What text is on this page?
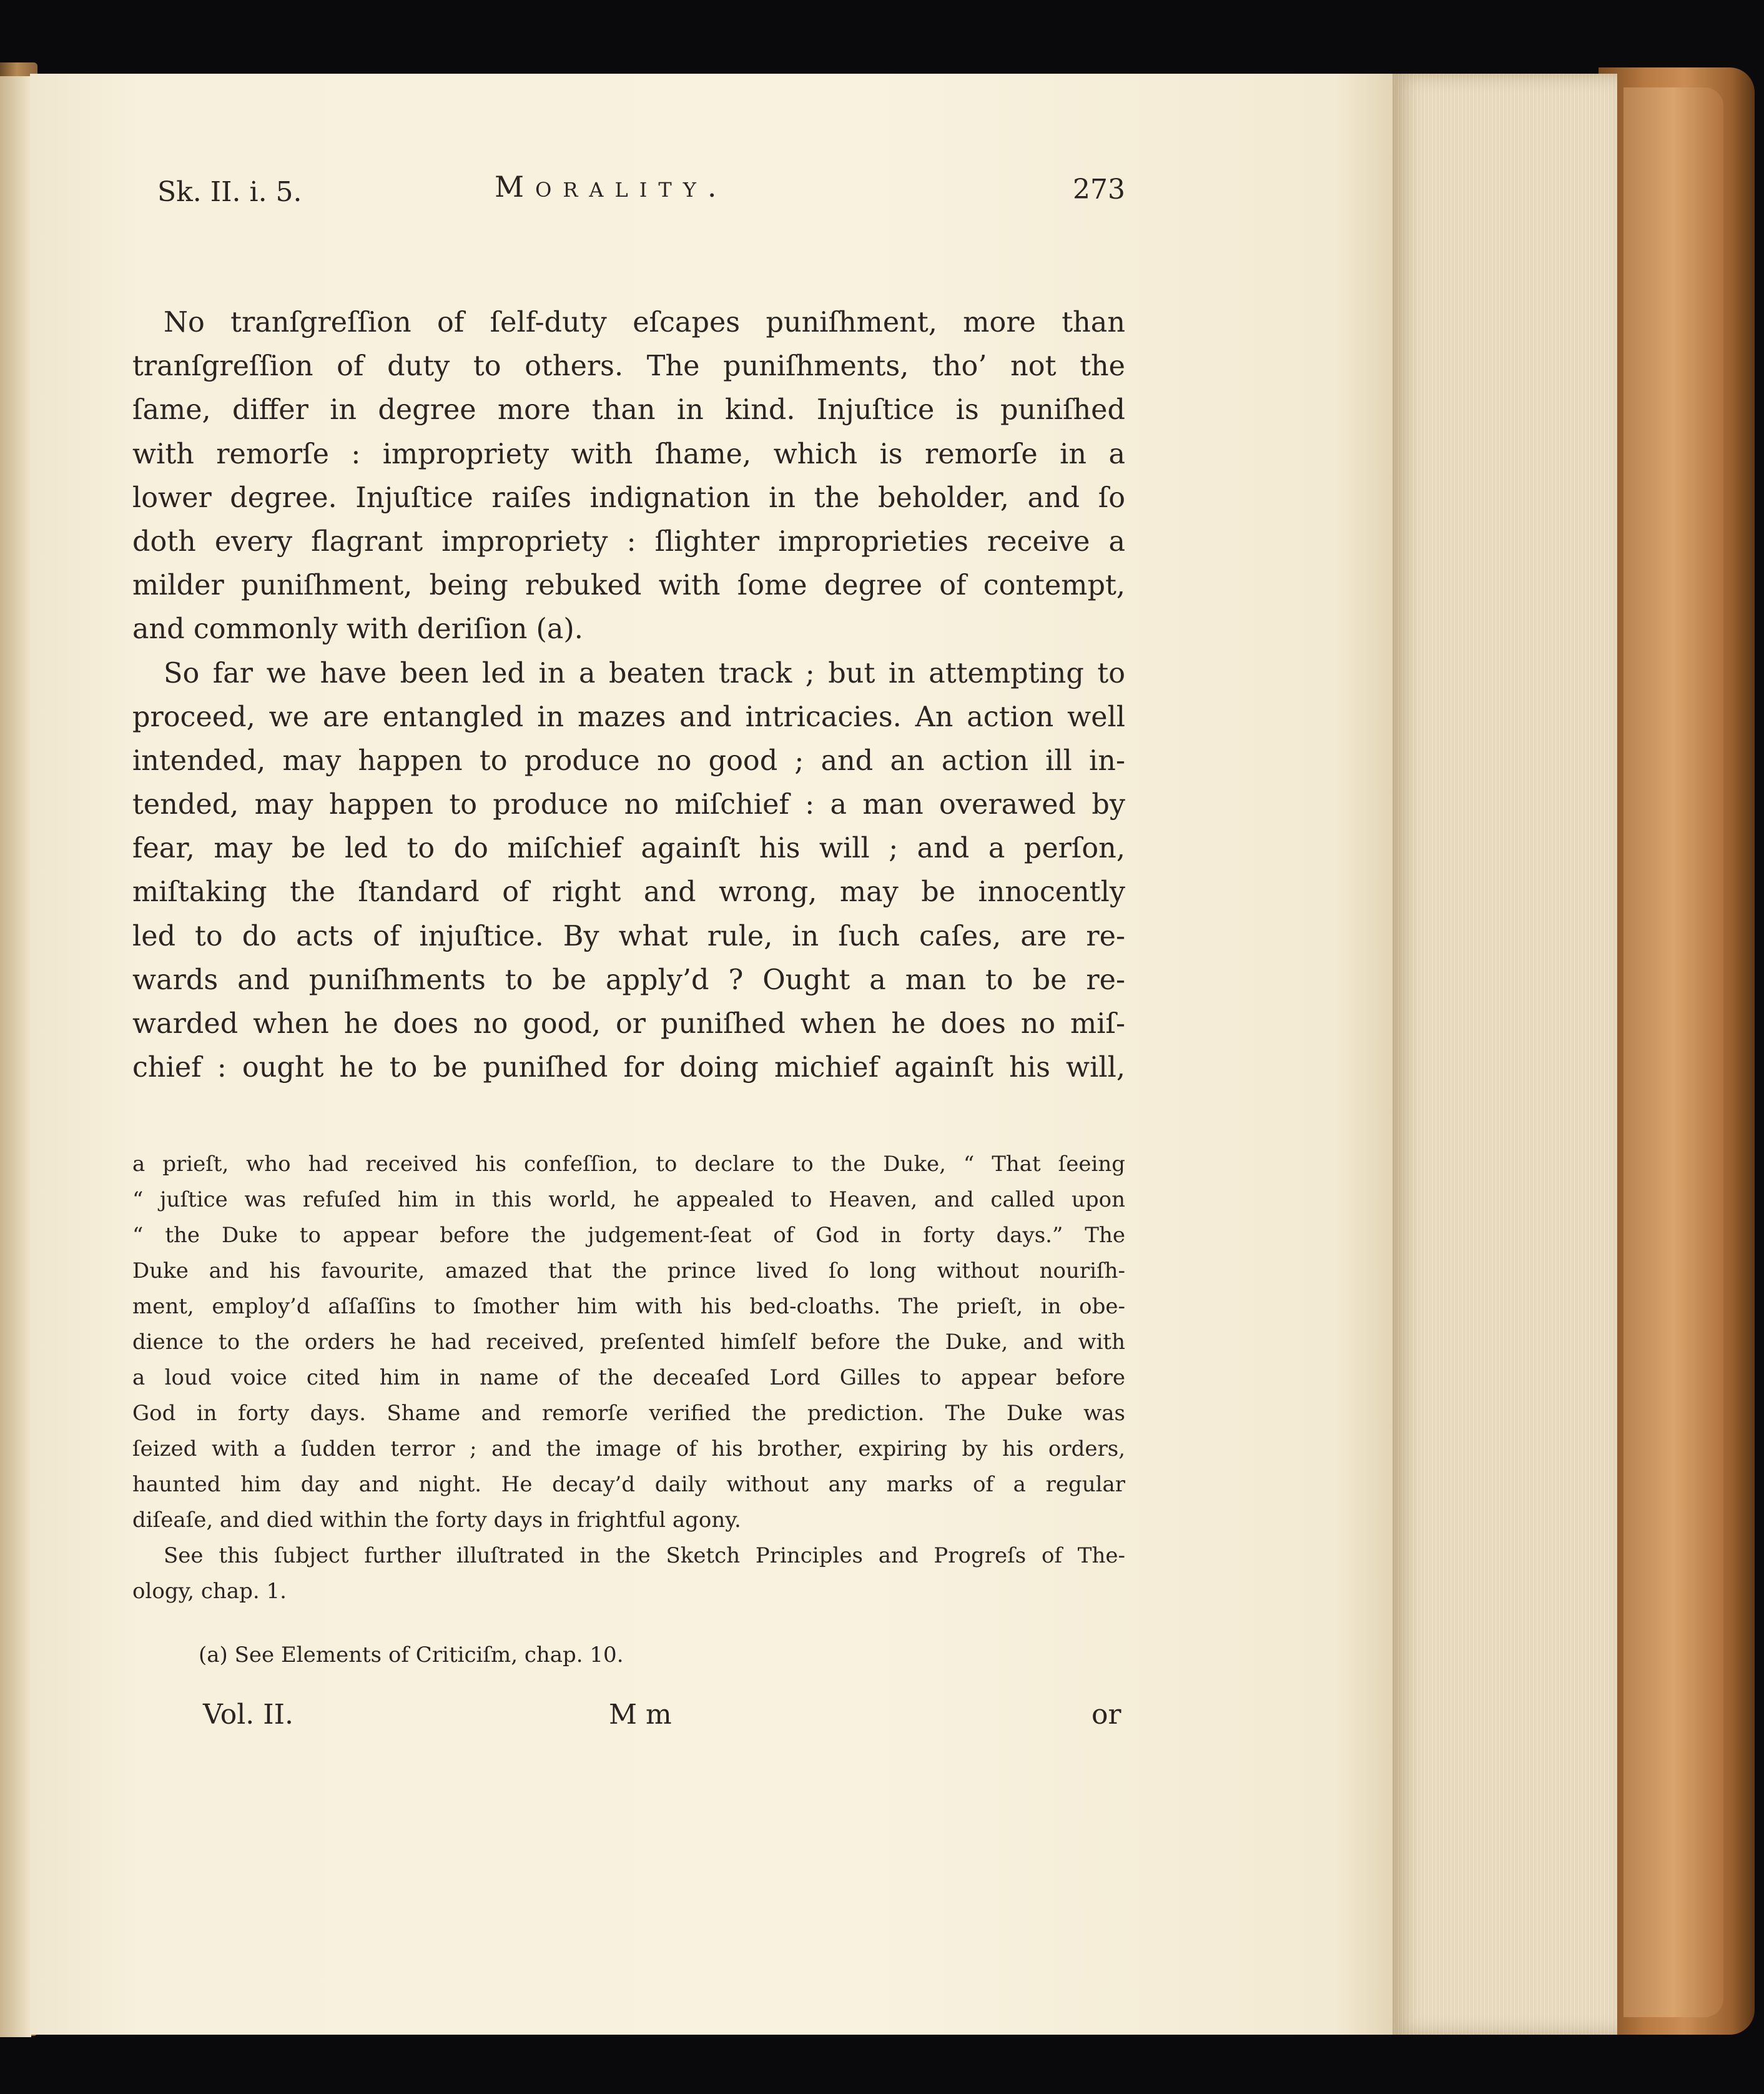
Sk. II. i. 5.	Morality.	273
No tranſgreſſion of ſelf-duty eſcapes puniſhment, more than
tranſgreſſion of duty to others. The puniſhments, tho’ not the
ſame, differ in degree more than in kind. Injuſtice is puniſhed
with remorſe : impropriety with ſhame, which is remorſe in a
lower degree. Injuſtice raiſes indignation in the beholder, and ſo
doth every flagrant impropriety : ſlighter improprieties receive a
milder puniſhment, being rebuked with ſome degree of contempt,
and commonly with deriſion (a).
So far we have been led in a beaten track ; but in attempting to
proceed, we are entangled in mazes and intricacies. An action well
intended, may happen to produce no good ; and an action ill in-
tended, may happen to produce no miſchief : a man overawed by
fear, may be led to do miſchief againſt his will ; and a perſon,
miſtaking the ſtandard of right and wrong, may be innocently
led to do acts of injuſtice. By what rule, in ſuch caſes, are re-
wards and puniſhments to be apply’d ? Ought a man to be re-
warded when he does no good, or puniſhed when he does no miſ-
chief : ought he to be puniſhed for doing michief againſt his will,
a prieſt, who had received his confeſſion, to declare to the Duke, “ That ſeeing
“ juſtice was refuſed him in this world, he appealed to Heaven, and called upon
“ the Duke to appear before the judgement-ſeat of God in forty days.” The
Duke and his favourite, amazed that the prince lived ſo long without nouriſh-
ment, employ’d aſſaſſins to ſmother him with his bed-cloaths. The prieſt, in obe-
dience to the orders he had received, preſented himſelf before the Duke, and with
a loud voice cited him in name of the deceaſed Lord Gilles to appear before
God in forty days. Shame and remorſe verified the prediction. The Duke was
ſeized with a ſudden terror ; and the image of his brother, expiring by his orders,
haunted him day and night. He decay’d daily without any marks of a regular
diſeaſe, and died within the forty days in frightful agony.
See this ſubject further illuſtrated in the Sketch Principles and Progreſs of The-
ology, chap. 1.
(a) See Elements of Criticiſm, chap. 10.
Vol. II.	M m	or
